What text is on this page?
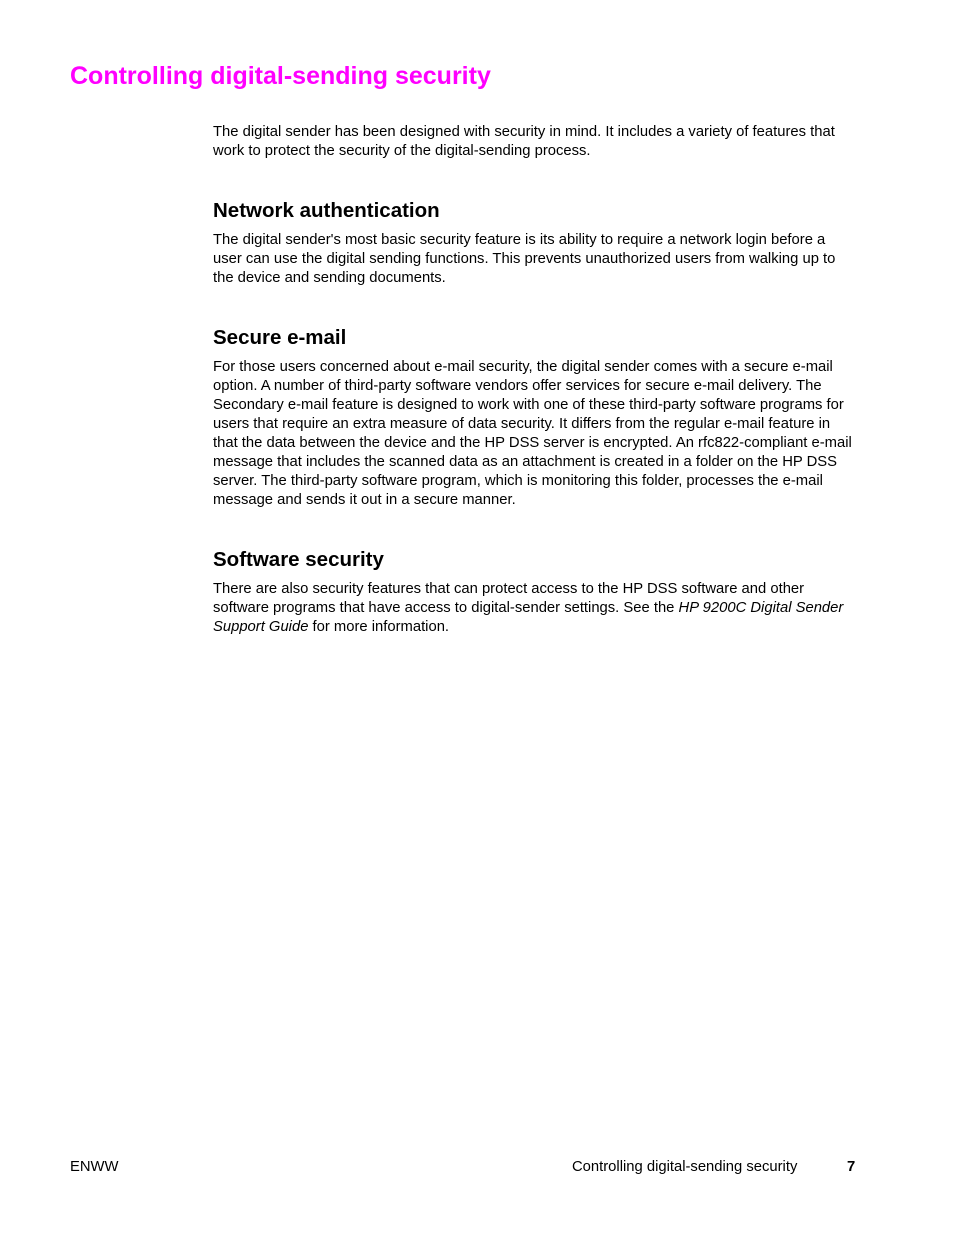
Controlling digital-sending security

The digital sender has been designed with security in mind. It includes a variety of features that work to protect the security of the digital-sending process.

Network authentication

The digital sender's most basic security feature is its ability to require a network login before a user can use the digital sending functions. This prevents unauthorized users from walking up to the device and sending documents.

Secure e-mail

For those users concerned about e-mail security, the digital sender comes with a secure e-mail option. A number of third-party software vendors offer services for secure e-mail delivery. The Secondary e-mail feature is designed to work with one of these third-party software programs for users that require an extra measure of data security. It differs from the regular e-mail feature in that the data between the device and the HP DSS server is encrypted. An rfc822-compliant e-mail message that includes the scanned data as an attachment is created in a folder on the HP DSS server. The third-party software program, which is monitoring this folder, processes the e-mail message and sends it out in a secure manner.

Software security

There are also security features that can protect access to the HP DSS software and other software programs that have access to digital-sender settings. See the HP 9200C Digital Sender Support Guide for more information.

ENWW	Controlling digital-sending security	7
